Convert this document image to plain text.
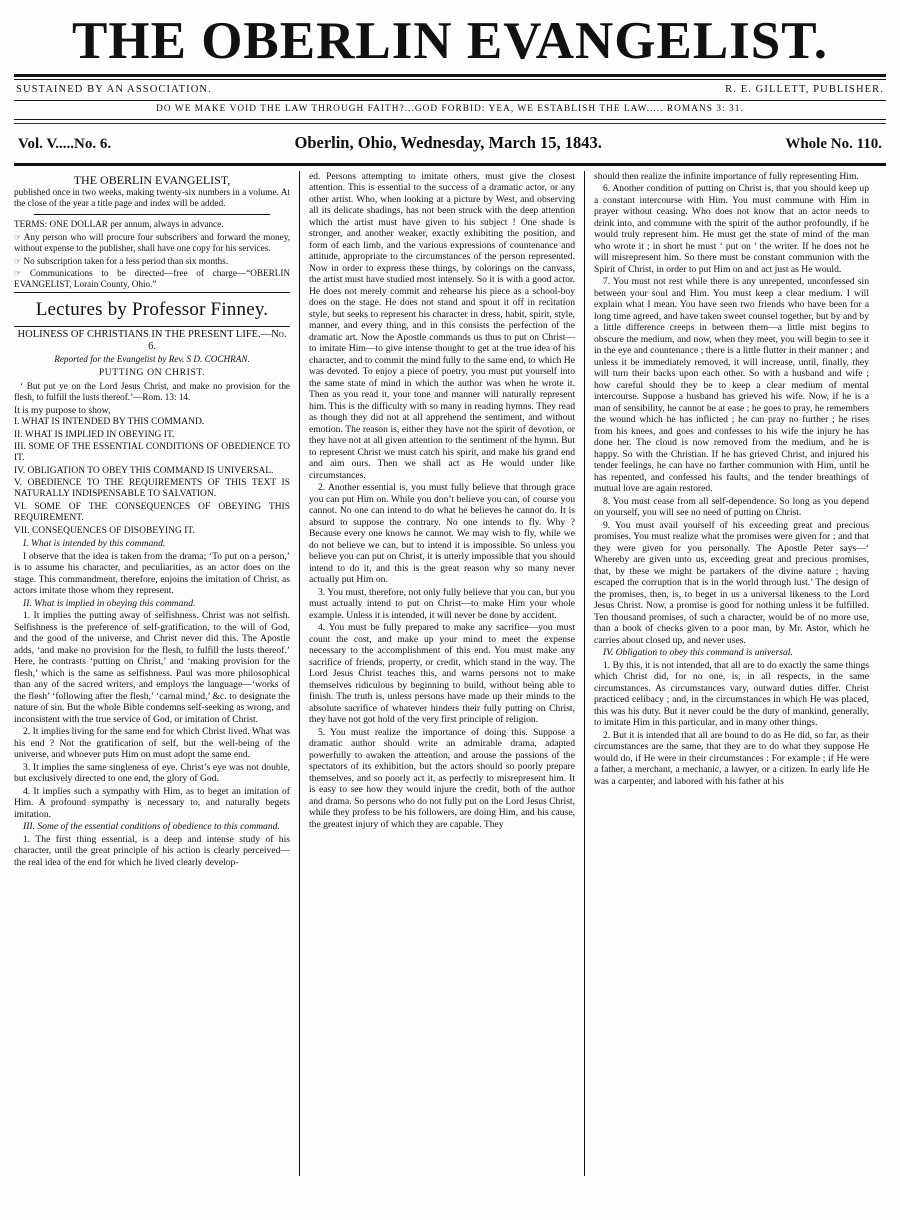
THE OBERLIN EVANGELIST.
SUSTAINED BY AN ASSOCIATION.	R. E. GILLETT, PUBLISHER.
DO WE MAKE VOID THE LAW THROUGH FAITH?...GOD FORBID: YEA, WE ESTABLISH THE LAW..... ROMANS 3: 31.
Vol. V.....No. 6.	Oberlin, Ohio, Wednesday, March 15, 1843.	Whole No. 110.
THE OBERLIN EVANGELIST,
published once in two weeks, making twenty-six numbers in a volume. At the close of the year a title page and index will be added.

TERMS: ONE DOLLAR per annum, always in advance.

☞ Any person who will procure four subscribers and forward the money, without expense to the publisher, shall have one copy for his services.

☞ No subscription taken for a less period than six months.

☞ Communications to be directed—free of charge—“OBERLIN EVANGELIST, Lorain County, Ohio.”

Lectures by Professor Finney.
HOLINESS OF CHRISTIANS IN THE PRESENT LIFE.—No. 6.
Reported for the Evangelist by Rev. S D. COCHRAN.
PUTTING ON CHRIST.
‘ But put ye on the Lord Jesus Christ, and make no provision for the flesh, to fulfill the lusts thereof.’—Rom. 13: 14.

It is my purpose to show,

I. WHAT IS INTENDED BY THIS COMMAND.

II. WHAT IS IMPLIED IN OBEYING IT.

III. SOME OF THE ESSENTIAL CONDITIONS OF OBEDIENCE TO IT.

IV. OBLIGATION TO OBEY THIS COMMAND IS UNIVERSAL.

V. OBEDIENCE TO THE REQUIREMENTS OF THIS TEXT IS NATURALLY INDISPENSABLE TO SALVATION.

VI. SOME OF THE CONSEQUENCES OF OBEYING THIS REQUIREMENT.

VII. CONSEQUENCES OF DISOBEYING IT.

I. What is intended by this command.

I observe that the idea is taken from the drama; ‘To put on a person,’ is to assume his character, and peculiarities, as an actor does on the stage. This commandment, therefore, enjoins the imitation of Christ, as actors imitate those whom they represent.

II. What is implied in obeying this command.

1. It implies the putting away of selfishness. Christ was not selfish. Selfishness is the preference of self-gratification, to the will of God, and the good of the universe, and Christ never did this. The Apostle adds, ‘and make no provision for the flesh, to fulfill the lusts thereof.’ Here, he contrasts ‘putting on Christ,’ and ‘making provision for the flesh,’ which is the same as selfishness. Paul was more philosophical than any of the sacred writers, and employs the language—‘works of the flesh’ ‘following after the flesh,’ ‘carnal mind,’ &c. to designate the nature of sin. But the whole Bible condemns self-seeking as wrong, and inconsistent with the true service of God, or imitation of Christ.

2. It implies living for the same end for which Christ lived. What was his end ? Not the gratification of self, but the well-being of the universe, and whoever puts Him on must adopt the same end.

3. It implies the same singleness of eye. Christ’s eye was not double, but exclusively directed to one end, the glory of God.

4. It implies such a sympathy with Him, as to beget an imitation of Him. A profound sympathy is necessary to, and naturally begets imitation.

III. Some of the essential conditions of obedience to this command.

1. The first thing essential, is a deep and intense study of his character, until the great principle of his action is clearly perceived—the real idea of the end for which he lived clearly develop-

ed. Persons attempting to imitate others, must give the closest attention. This is essential to the success of a dramatic actor, or any other artist. Who, when looking at a picture by West, and observing all its delicate shadings, has not been struck with the deep attention which the artist must have given to his subject ! One shade is stronger, and another weaker, exactly exhibiting the position, and form of each limb, and the various expressions of countenance and attitude, appropriate to the circumstances of the person represented. Now in order to express these things, by colorings on the canvass, the artist must have studied most intensely. So it is with a good actor. He does not merely commit and rehearse his piece as a school-boy does on the stage. He does not stand and spout it off in recitation style, but seeks to represent his character in dress, habit, spirit, style, manner, and every thing, and in this consists the perfection of the dramatic art. Now the Apostle commands us thus to put on Christ—to imitate Him—to give intense thought to get at the true idea of his character, and to commit the mind fully to the same end, to which He was devoted. To enjoy a piece of poetry, you must put yourself into the same state of mind in which the author was when he wrote it. Then as you read it, your tone and manner will naturally represent him. This is the difficulty with so many in reading hymns. They read as though they did not at all apprehend the sentiment, and without emotion. The reason is, either they have not the spirit of devotion, or they have not at all given attention to the sentiment of the hymn. But to represent Christ we must catch his spirit, and make his grand end and aim ours. Then we shall act as He would under like circumstances.

2. Another essential is, you must fully believe that through grace you can put Him on. While you don’t believe you can, of course you cannot. No one can intend to do what he believes he cannot do. It is absurd to suppose the contrary. No one intends to fly. Why ? Because every one knows he cannot. We may wish to fly, while we do not believe we can, but to intend it is impossible. So unless you believe you can put on Christ, it is utterly impossible that you should intend to do it, and this is the great reason why so many never actually put Him on.

3. You must, therefore, not only fully believe that you can, but you must actually intend to put on Christ—to make Him your whole example. Unless it is intended, it will never be done by accident.

4. You must be fully prepared to make any sacrifice—you must count the cost, and make up your mind to meet the expense necessary to the accomplishment of this end. You must make any sacrifice of friends, property, or credit, which stand in the way. The Lord Jesus Christ teaches this, and warns persons not to make themselves ridiculous by beginning to build, without being able to finish. The truth is, unless persons have made up their minds to the absolute sacrifice of whatever hinders their fully putting on Christ, they have not got hold of the very first principle of religion.

5. You must realize the importance of doing this. Suppose a dramatic author should write an admirable drama, adapted powerfully to awaken the attention, and arouse the passions of the spectators of its exhibition, but the actors should so poorly prepare themselves, and so poorly act it, as perfectly to misrepresent him. It is easy to see how they would injure the credit, both of the author and drama. So persons who do not fully put on the Lord Jesus Christ, while they profess to be his followers, are doing Him, and his cause, the greatest injury of which they are capable. They

should then realize the infinite importance of fully representing Him.

6. Another condition of putting on Christ is, that you should keep up a constant intercourse with Him. You must commune with Him in prayer without ceasing. Who does not know that an actor needs to drink into, and commune with the spirit of the author profoundly, if he would truly represent him. He must get the state of mind of the man who wrote it ; in short he must ‘ put on ’ the writer. If he does not he will misrepresent him. So there must be constant communion with the Spirit of Christ, in order to put Him on and act just as He would.

7. You must not rest while there is any unrepented, unconfessed sin between your soul and Him. You must keep a clear medium. I will explain what I mean. You have seen two friends who have been for a long time agreed, and have taken sweet counsel together, but by and by a little difference creeps in between them—a little mist begins to obscure the medium, and now, when they meet, you will begin to see it in the eye and countenance ; there is a little flutter in their manner ; and unless it be immediately removed, it will increase, until, finally, they will turn their backs upon each other. So with a husband and wife ; how careful should they be to keep a clear medium of mental intercourse. Suppose a husband has grieved his wife. Now, if he is a man of sensibility, he cannot be at ease ; he goes to pray, he remembers the wound which he has inflicted ; he can pray no further ; he rises from his knees, and goes and confesses to his wife the injury he has done her. The cloud is now removed from the medium, and he is happy. So with the Christian. If he has grieved Christ, and injured his tender feelings, he can have no farther communion with Him, until he has repented, and confessed his faults, and the tender breathings of mutual love are again restored.

8. You must cease from all self-dependence. So long as you depend on yourself, you will see no need of putting on Christ.

9. You must avail yourself of his exceeding great and precious promises. You must realize what the promises were given for ; and that they were given for you personally. The Apostle Peter says—‘ Whereby are given unto us, exceeding great and precious promises, that, by these we might be partakers of the divine nature ; having escaped the corruption that is in the world through lust.’ The design of the promises, then, is, to beget in us a universal likeness to the Lord Jesus Christ. Now, a promise is good for nothing unless it be fulfilled. Ten thousand promises, of such a character, would be of no more use, than a book of checks given to a poor man, by Mr. Astor, which he carries about closed up, and never uses.

IV. Obligation to obey this command is universal.

1. By this, it is not intended, that all are to do exactly the same things which Christ did, for no one, is, in all respects, in the same circumstances. As circumstances vary, outward duties differ. Christ practiced celibacy ; and, in the circumstances in which He was placed, this was his duty. But it never could be the duty of mankind, generally, to imitate Him in this particular, and in many other things.

2. But it is intended that all are bound to do as He did, so far, as their circumstances are the same, that they are to do what they suppose He would do, if He were in their circumstances : For example ; if He were a father, a merchant, a mechanic, a lawyer, or a citizen. In early life He was a carpenter, and labored with his father at his
